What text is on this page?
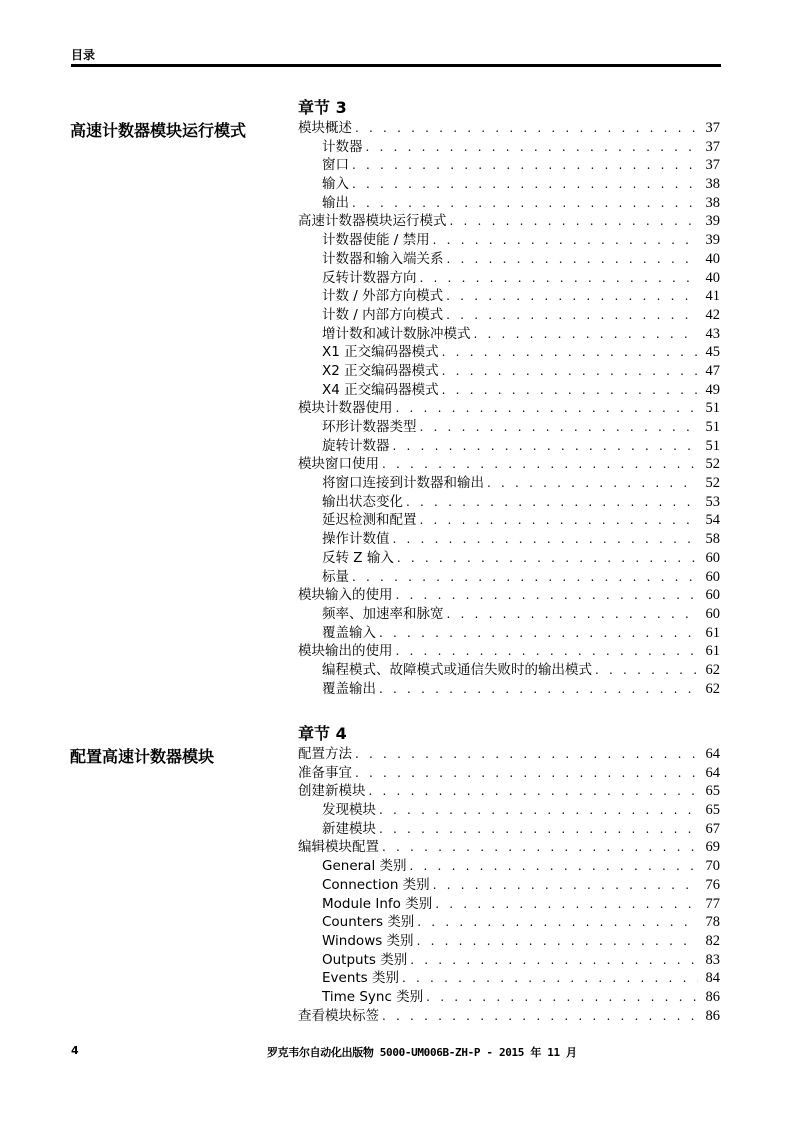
目录
章节 3
高速计数器模块运行模式	模块概述 . . .	37
计数器 . . .	37
窗口 . . .	37
输入 . . .	38
输出 . . .	38
高速计数器模块运行模式 . . .	39
计数器使能 / 禁用 . . .	39
计数器和输入端关系 . . .	40
反转计数器方向 . . .	40
计数 / 外部方向模式 . . .	41
计数 / 内部方向模式 . . .	42
增计数和减计数脉冲模式 . . .	43
X1 正交编码器模式 . . .	45
X2 正交编码器模式 . . .	47
X4 正交编码器模式 . . .	49
模块计数器使用 . . .	51
环形计数器类型 . . .	51
旋转计数器 . . .	51
模块窗口使用 . . .	52
将窗口连接到计数器和输出 . . .	52
输出状态变化 . . .	53
延迟检测和配置 . . .	54
操作计数值 . . .	58
反转 Z 输入 . . .	60
标量 . . .	60
模块输入的使用 . . .	60
频率、加速率和脉宽 . . .	60
覆盖输入 . . .	61
模块输出的使用 . . .	61
编程模式、故障模式或通信失败时的输出模式 . . .	62
覆盖输出 . . .	62
章节 4
配置高速计数器模块	配置方法 . . .	64
准备事宜 . . .	64
创建新模块 . . .	65
发现模块 . . .	65
新建模块 . . .	67
编辑模块配置 . . .	69
General 类别 . . .	70
Connection 类别 . . .	76
Module Info 类别 . . .	77
Counters 类别 . . .	78
Windows 类别 . . .	82
Outputs 类别 . . .	83
Events 类别 . . .	84
Time Sync 类别 . . .	86
查看模块标签 . . .	86
4	罗克韦尔自动化出版物 5000-UM006B-ZH-P - 2015 年 11 月
